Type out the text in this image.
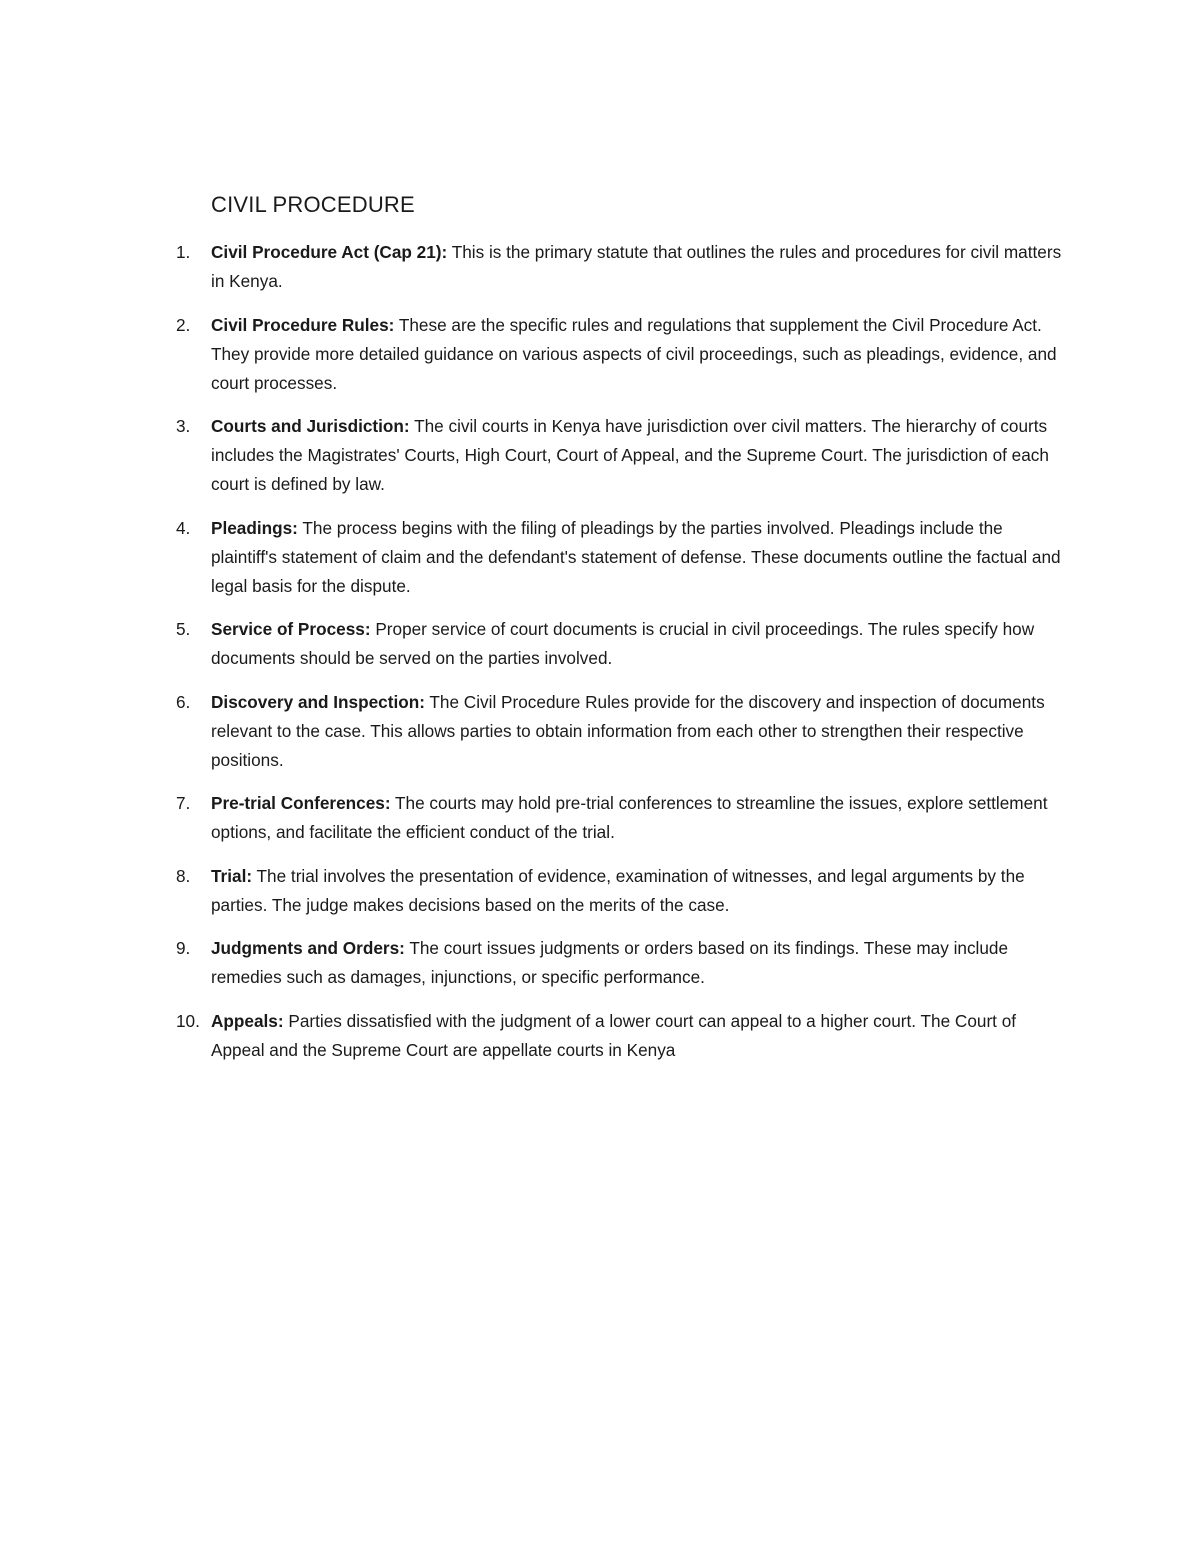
CIVIL PROCEDURE
1.	Civil Procedure Act (Cap 21): This is the primary statute that outlines the rules and procedures for civil matters in Kenya.
2.	Civil Procedure Rules: These are the specific rules and regulations that supplement the Civil Procedure Act. They provide more detailed guidance on various aspects of civil proceedings, such as pleadings, evidence, and court processes.
3.	Courts and Jurisdiction: The civil courts in Kenya have jurisdiction over civil matters. The hierarchy of courts includes the Magistrates' Courts, High Court, Court of Appeal, and the Supreme Court. The jurisdiction of each court is defined by law.
4.	Pleadings: The process begins with the filing of pleadings by the parties involved. Pleadings include the plaintiff's statement of claim and the defendant's statement of defense. These documents outline the factual and legal basis for the dispute.
5.	Service of Process: Proper service of court documents is crucial in civil proceedings. The rules specify how documents should be served on the parties involved.
6.	Discovery and Inspection: The Civil Procedure Rules provide for the discovery and inspection of documents relevant to the case. This allows parties to obtain information from each other to strengthen their respective positions.
7.	Pre-trial Conferences: The courts may hold pre-trial conferences to streamline the issues, explore settlement options, and facilitate the efficient conduct of the trial.
8.	Trial: The trial involves the presentation of evidence, examination of witnesses, and legal arguments by the parties. The judge makes decisions based on the merits of the case.
9.	Judgments and Orders: The court issues judgments or orders based on its findings. These may include remedies such as damages, injunctions, or specific performance.
10. Appeals: Parties dissatisfied with the judgment of a lower court can appeal to a higher court. The Court of Appeal and the Supreme Court are appellate courts in Kenya
